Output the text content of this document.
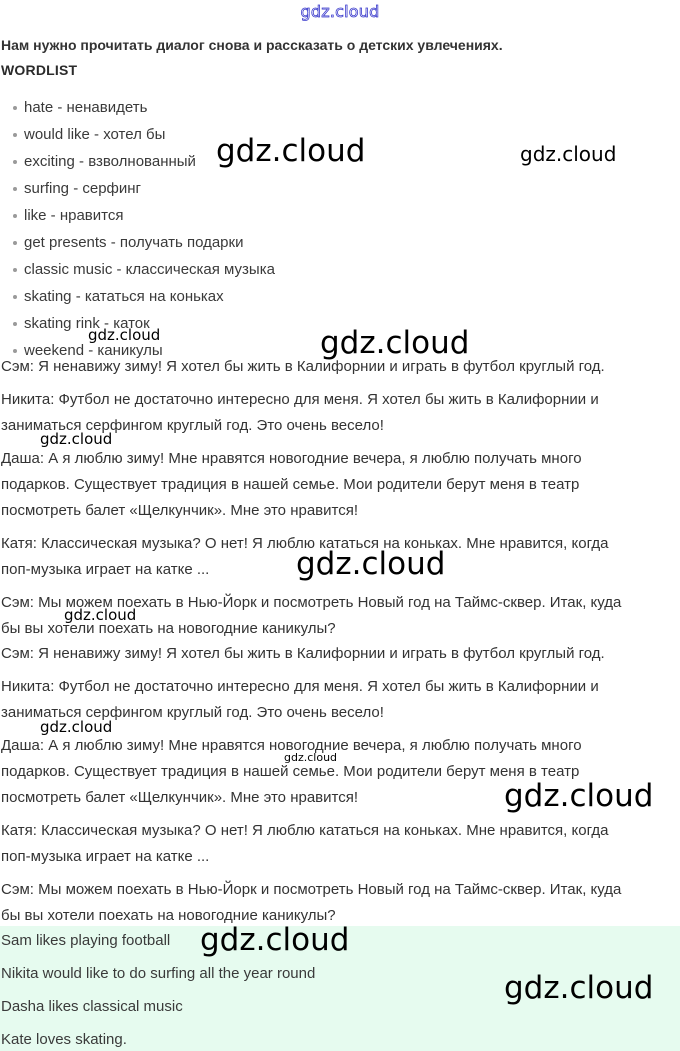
gdz.cloud
Нам нужно прочитать диалог снова и рассказать о детских увлечениях.
WORDLIST
hate - ненавидеть
would like - хотел бы
exciting - взволнованный
surfing - серфинг
like - нравится
get presents - получать подарки
classic music - классическая музыка
skating - кататься на коньках
skating rink - каток
weekend - каникулы

Сэм: Я ненавижу зиму! Я хотел бы жить в Калифорнии и играть в футбол круглый год.

Никита: Футбол не достаточно интересно для меня. Я хотел бы жить в Калифорнии и

заниматься серфингом круглый год. Это очень весело!

Даша: А я люблю зиму! Мне нравятся новогодние вечера, я люблю получать много

подарков. Существует традиция в нашей семье. Мои родители берут меня в театр

посмотреть балет «Щелкунчик». Мне это нравится!

Катя: Классическая музыка? О нет! Я люблю кататься на коньках. Мне нравится, когда

поп-музыка играет на катке ...

Сэм: Мы можем поехать в Нью-Йорк и посмотреть Новый год на Таймс-сквер. Итак, куда

бы вы хотели поехать на новогодние каникулы?

Сэм: Я ненавижу зиму! Я хотел бы жить в Калифорнии и играть в футбол круглый год.

Никита: Футбол не достаточно интересно для меня. Я хотел бы жить в Калифорнии и

заниматься серфингом круглый год. Это очень весело!

Даша: А я люблю зиму! Мне нравятся новогодние вечера, я люблю получать много

подарков. Существует традиция в нашей семье. Мои родители берут меня в театр

посмотреть балет «Щелкунчик». Мне это нравится!

Катя: Классическая музыка? О нет! Я люблю кататься на коньках. Мне нравится, когда

поп-музыка играет на катке ...

Сэм: Мы можем поехать в Нью-Йорк и посмотреть Новый год на Таймс-сквер. Итак, куда

бы вы хотели поехать на новогодние каникулы?

Sam likes playing football
Nikita would like to do surfing all the year round
Dasha likes classical music
Kate loves skating.
gdz.cloud	gdz.cloud
gdz.cloud	gdz.cloud
gdz.cloud
gdz.cloud
gdz.cloud
gdz.cloud
gdz.cloud
gdz.cloud
gdz.cloud
gdz.cloud
